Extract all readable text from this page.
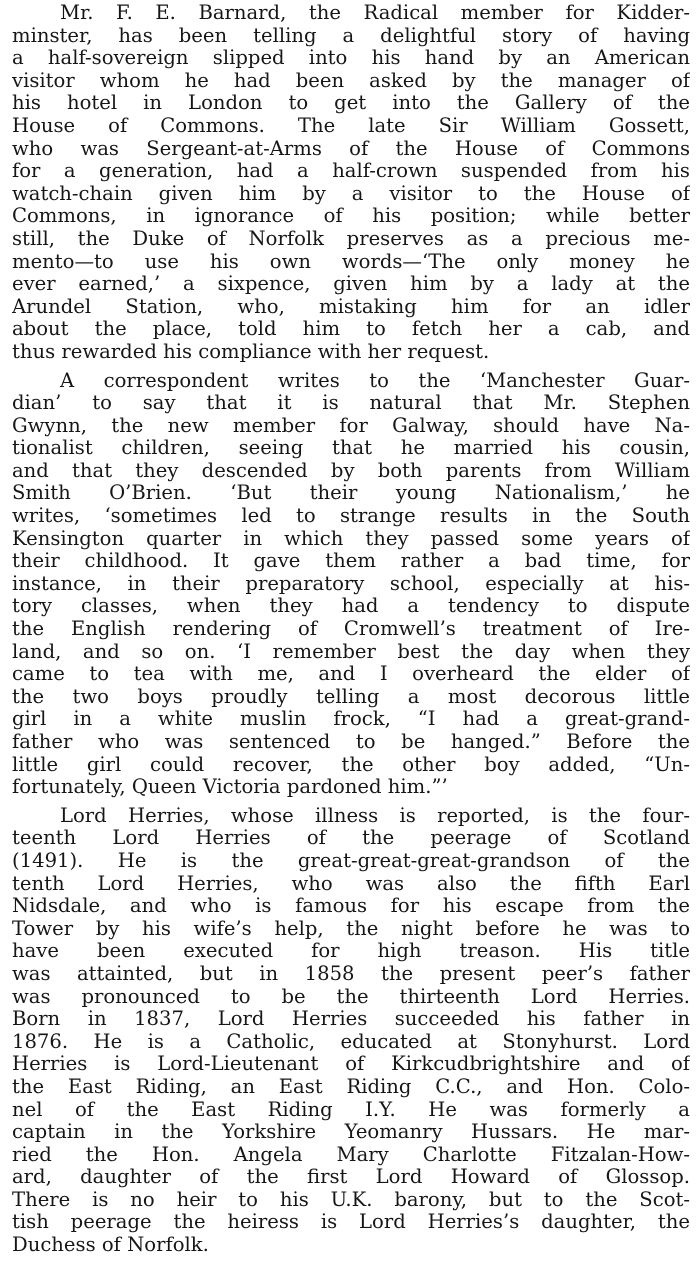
Mr. F. E. Barnard, the Radical member for Kidder-
minster, has been telling a delightful story of having
a half-sovereign slipped into his hand by an American
visitor whom he had been asked by the manager of
his hotel in London to get into the Gallery of the
House of Commons. The late Sir William Gossett,
who was Sergeant-at-Arms of the House of Commons
for a generation, had a half-crown suspended from his
watch-chain given him by a visitor to the House of
Commons, in ignorance of his position; while better
still, the Duke of Norfolk preserves as a precious me-
mento—to use his own words—‘The only money he
ever earned,’ a sixpence, given him by a lady at the
Arundel Station, who, mistaking him for an idler
about the place, told him to fetch her a cab, and
thus rewarded his compliance with her request.
A correspondent writes to the ‘Manchester Guar-
dian’ to say that it is natural that Mr. Stephen
Gwynn, the new member for Galway, should have Na-
tionalist children, seeing that he married his cousin,
and that they descended by both parents from William
Smith O’Brien. ‘But their young Nationalism,’ he
writes, ‘sometimes led to strange results in the South
Kensington quarter in which they passed some years of
their childhood. It gave them rather a bad time, for
instance, in their preparatory school, especially at his-
tory classes, when they had a tendency to dispute
the English rendering of Cromwell’s treatment of Ire-
land, and so on. ‘I remember best the day when they
came to tea with me, and I overheard the elder of
the two boys proudly telling a most decorous little
girl in a white muslin frock, “I had a great-grand-
father who was sentenced to be hanged.” Before the
little girl could recover, the other boy added, “Un-
fortunately, Queen Victoria pardoned him.”’
Lord Herries, whose illness is reported, is the four-
teenth Lord Herries of the peerage of Scotland
(1491). He is the great-great-great-grandson of the
tenth Lord Herries, who was also the fifth Earl
Nidsdale, and who is famous for his escape from the
Tower by his wife’s help, the night before he was to
have been executed for high treason. His title
was attainted, but in 1858 the present peer’s father
was pronounced to be the thirteenth Lord Herries.
Born in 1837, Lord Herries succeeded his father in
1876. He is a Catholic, educated at Stonyhurst. Lord
Herries is Lord-Lieutenant of Kirkcudbrightshire and of
the East Riding, an East Riding C.C., and Hon. Colo-
nel of the East Riding I.Y. He was formerly a
captain in the Yorkshire Yeomanry Hussars. He mar-
ried the Hon. Angela Mary Charlotte Fitzalan-How-
ard, daughter of the first Lord Howard of Glossop.
There is no heir to his U.K. barony, but to the Scot-
tish peerage the heiress is Lord Herries’s daughter, the
Duchess of Norfolk.
